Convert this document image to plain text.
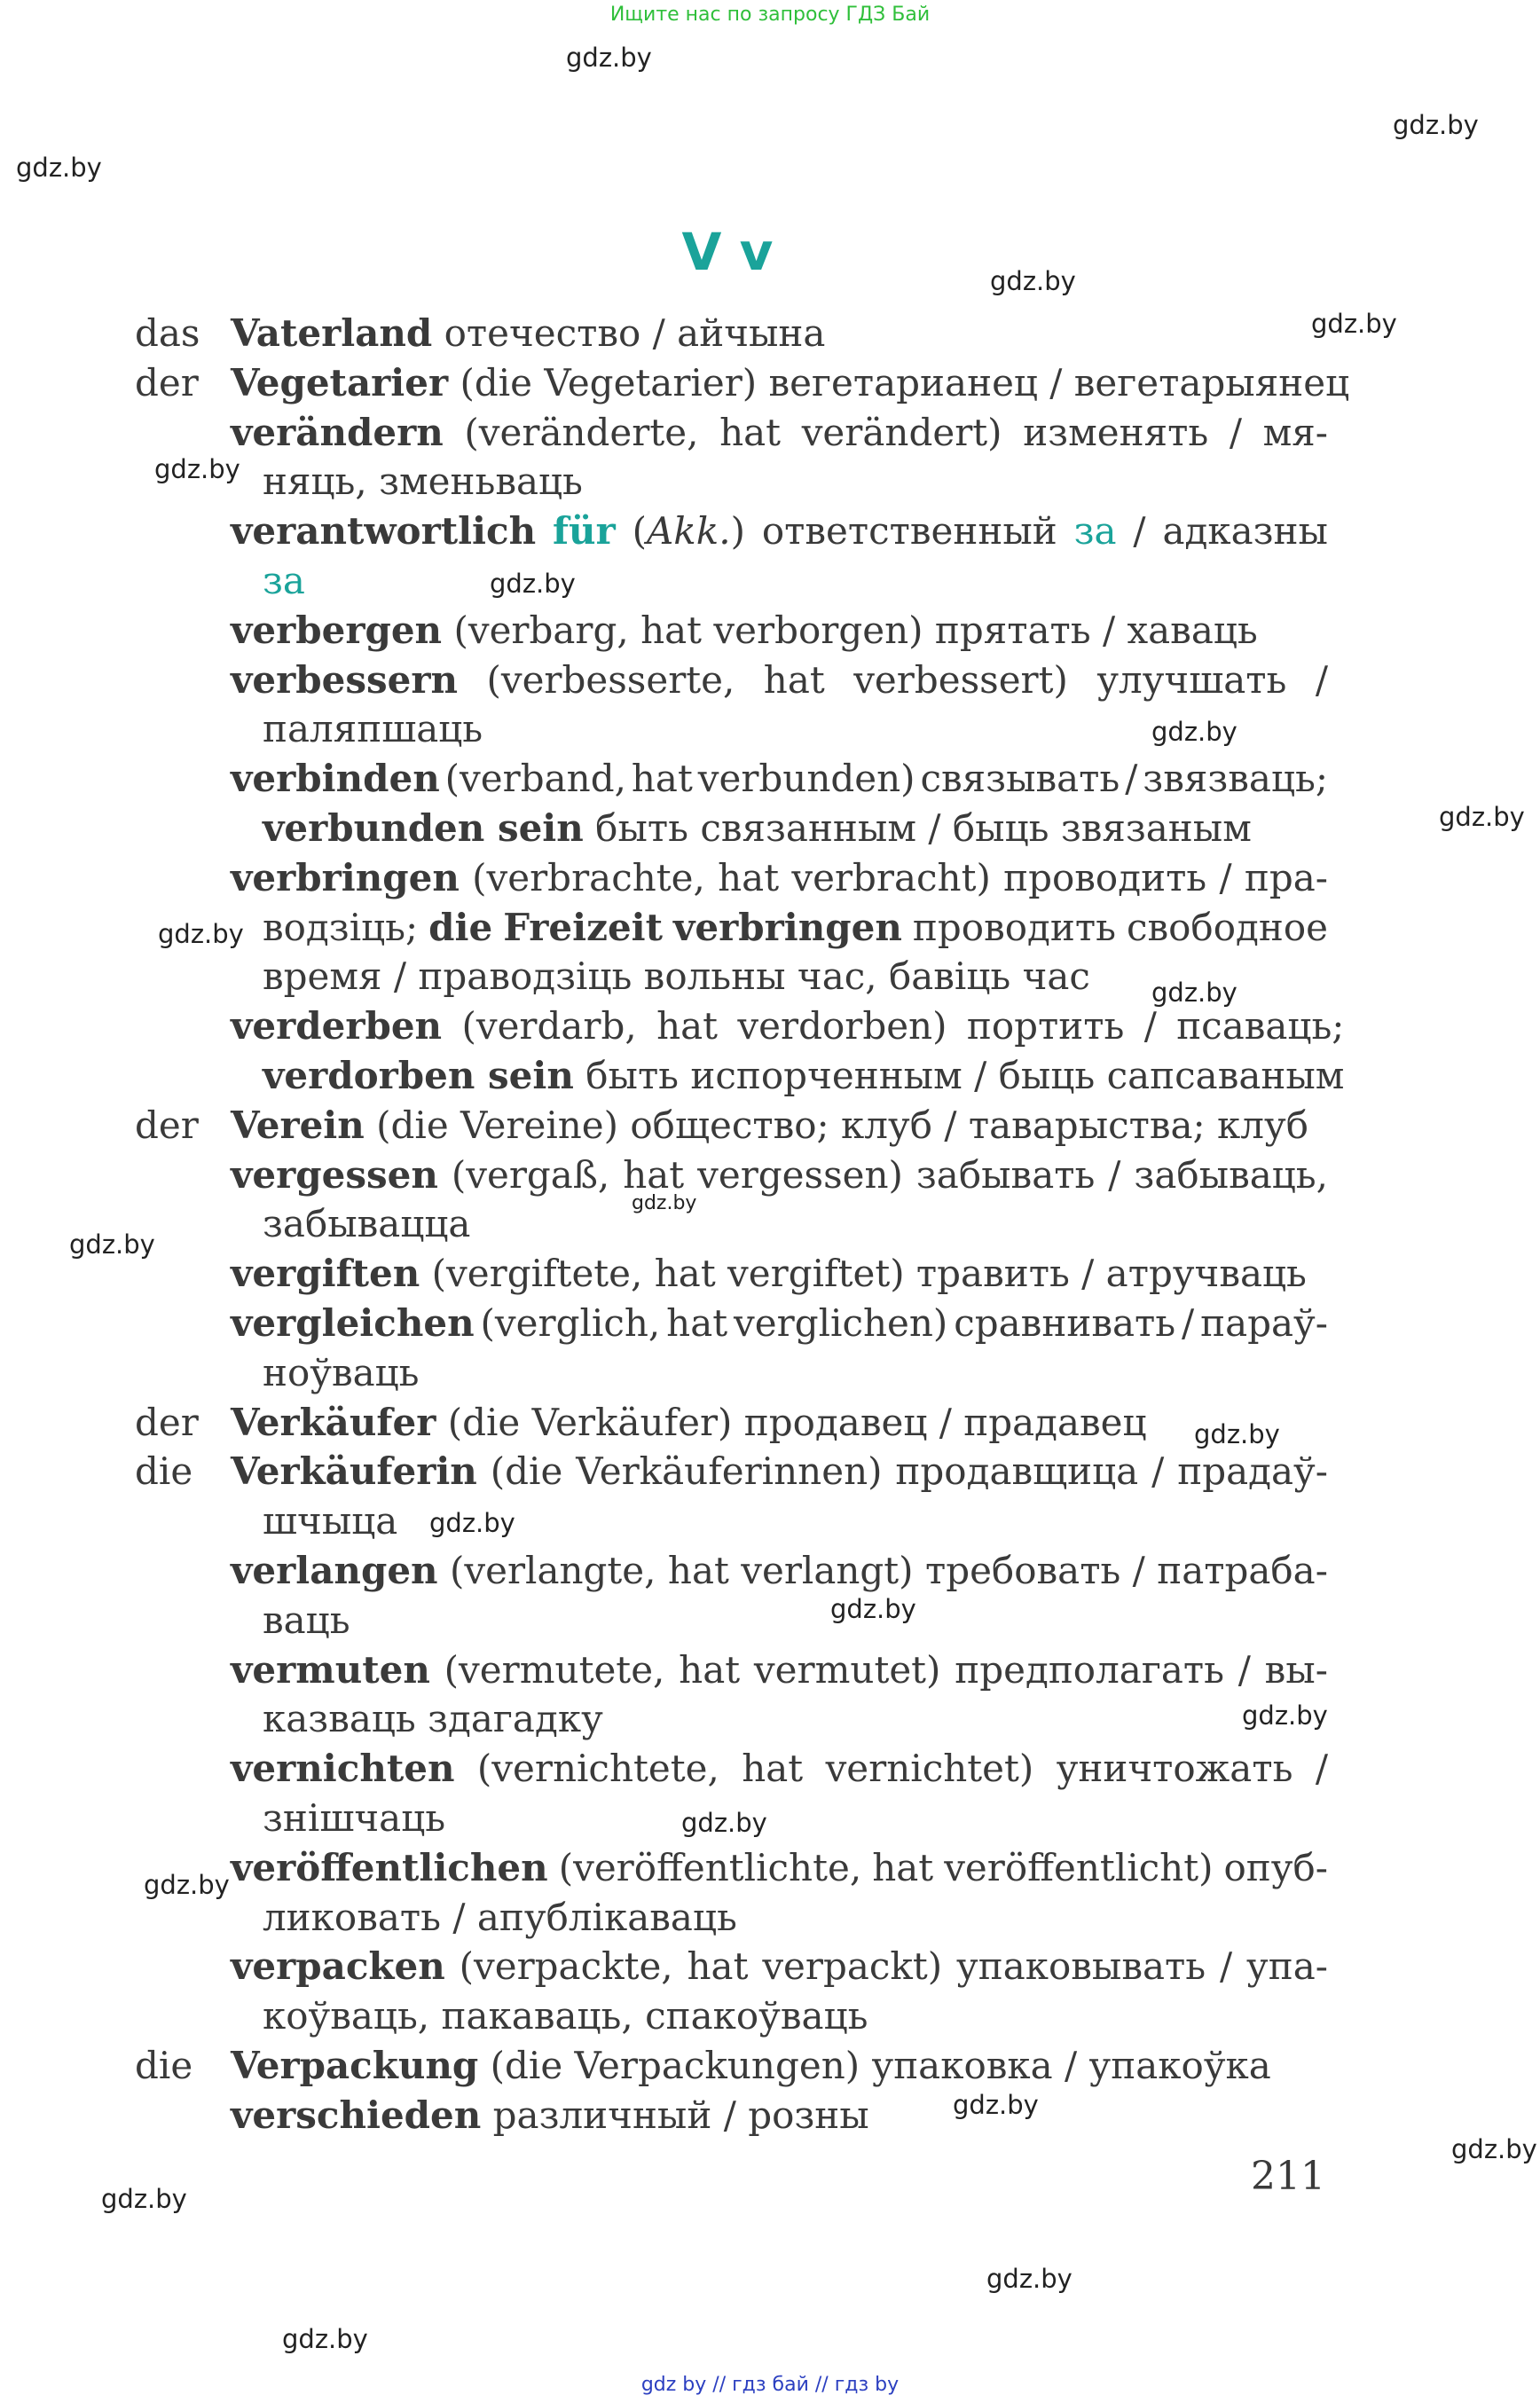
Ищите нас по запросу ГДЗ Бай
gdz.by
gdz.by
gdz.by
gdz.by
gdz.by
gdz.by
gdz.by
gdz.by
gdz.by
gdz.by
gdz.by
gdz.by
gdz.by
gdz.by
gdz.by
gdz.by
gdz.by
gdz.by
gdz.by
gdz.by
gdz.by
gdz.by
gdz.by
gdz.by
V v
das Vaterland отечество / айчына
der Vegetarier (die Vegetarier) вегетарианец / вегетарыянец
verändern (veränderte, hat verändert) изменять / мя-
няць, зменьваць
verantwortlich für (Akk.) ответственный за / адказны
за
verbergen (verbarg, hat verborgen) прятать / хаваць
verbessern (verbesserte, hat verbessert) улучшать /
паляпшаць
verbinden (verband, hat verbunden) связывать / звязваць;
verbunden sein быть связанным / быць звязаным
verbringen (verbrachte, hat verbracht) проводить / пра-
водзіць; die Freizeit verbringen проводить свободное
время / праводзіць вольны час, бавіць час
verderben (verdarb, hat verdorben) портить / псаваць;
verdorben sein быть испорченным / быць сапсаваным
der Verein (die Vereine) общество; клуб / таварыства; клуб
vergessen (vergaß, hat vergessen) забывать / забываць,
забывацца
vergiften (vergiftete, hat vergiftet) травить / атручваць
vergleichen (verglich, hat verglichen) сравнивать / параў-
ноўваць
der Verkäufer (die Verkäufer) продавец / прадавец
die	Verkäuferin (die Verkäuferinnen) продавщица / прадаў-
шчыца
verlangen (verlangte, hat verlangt) требовать / патраба-
ваць
vermuten (vermutete, hat vermutet) предполагать / вы-
казваць здагадку
vernichten (vernichtete, hat vernichtet) уничтожать /
знішчаць
veröffentlichen (veröffentlichte, hat veröffentlicht) опуб-
ликовать / апублікаваць
verpacken (verpackte, hat verpackt) упаковывать / упа-
коўваць, пакаваць, спакоўваць
die	Verpackung (die Verpackungen) упаковка / упакоўка
verschieden различный / розны
211
gdz by // гдз бай // гдз by
